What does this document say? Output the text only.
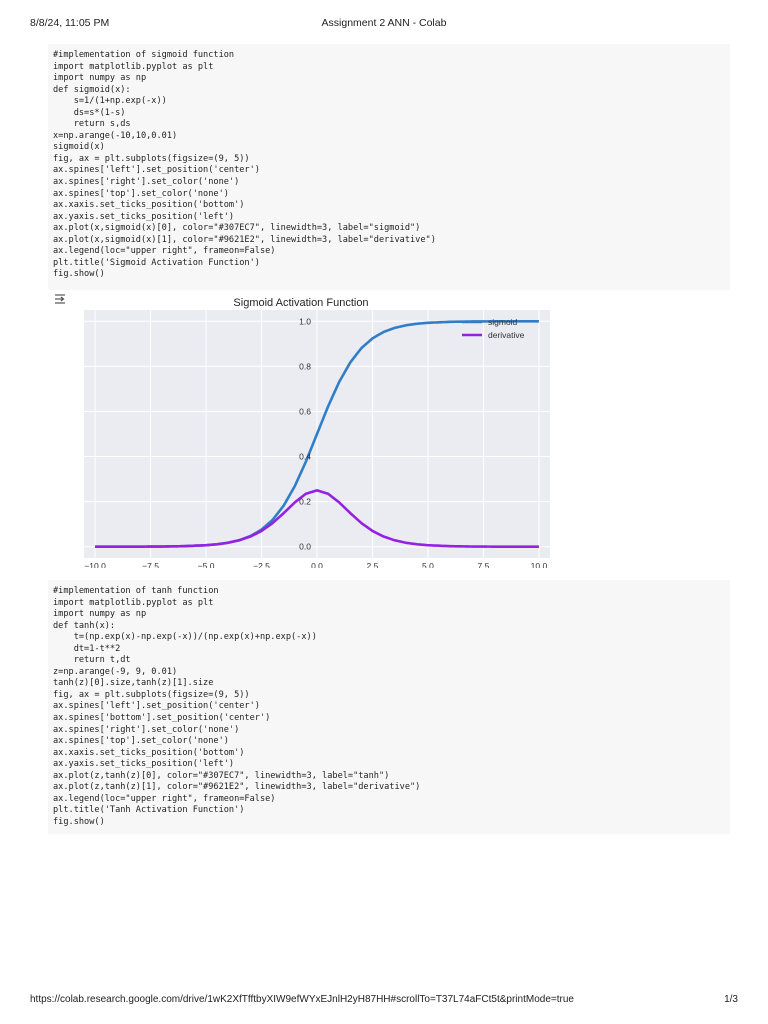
8/8/24, 11:05 PM	Assignment 2 ANN - Colab
#implementation of sigmoid function
import matplotlib.pyplot as plt
import numpy as np
def sigmoid(x):
s=1/(1+np.exp(-x))
ds=s*(1-s)
return s,ds
x=np.arange(-10,10,0.01)
sigmoid(x)
fig, ax = plt.subplots(figsize=(9, 5))
ax.spines['left'].set_position('center')
ax.spines['right'].set_color('none')
ax.spines['top'].set_color('none')
ax.xaxis.set_ticks_position('bottom')
ax.yaxis.set_ticks_position('left')
ax.plot(x,sigmoid(x)[0], color="#307EC7", linewidth=3, label="sigmoid")
ax.plot(x,sigmoid(x)[1], color="#9621E2", linewidth=3, label="derivative")
ax.legend(loc="upper right", frameon=False)
plt.title('Sigmoid Activation Function')
fig.show()
Sigmoid Activation Function
−10.0	−7.5	−5.0	−2.5	0.0	2.5	5.0	7.5	10.0
0.0
0.2
0.4
0.6
0.8
1.0	sigmoid
derivative
#implementation of tanh function
import matplotlib.pyplot as plt
import numpy as np
def tanh(x):
t=(np.exp(x)-np.exp(-x))/(np.exp(x)+np.exp(-x))
dt=1-t**2
return t,dt
z=np.arange(-9, 9, 0.01)
tanh(z)[0].size,tanh(z)[1].size
fig, ax = plt.subplots(figsize=(9, 5))
ax.spines['left'].set_position('center')
ax.spines['bottom'].set_position('center')
ax.spines['right'].set_color('none')
ax.spines['top'].set_color('none')
ax.xaxis.set_ticks_position('bottom')
ax.yaxis.set_ticks_position('left')
ax.plot(z,tanh(z)[0], color="#307EC7", linewidth=3, label="tanh")
ax.plot(z,tanh(z)[1], color="#9621E2", linewidth=3, label="derivative")
ax.legend(loc="upper right", frameon=False)
plt.title('Tanh Activation Function')
fig.show()
https://colab.research.google.com/drive/1wK2XfTfftbyXIW9efWYxEJnlH2yH87HH#scrollTo=T37L74aFCt5t&printMode=true	1/3
